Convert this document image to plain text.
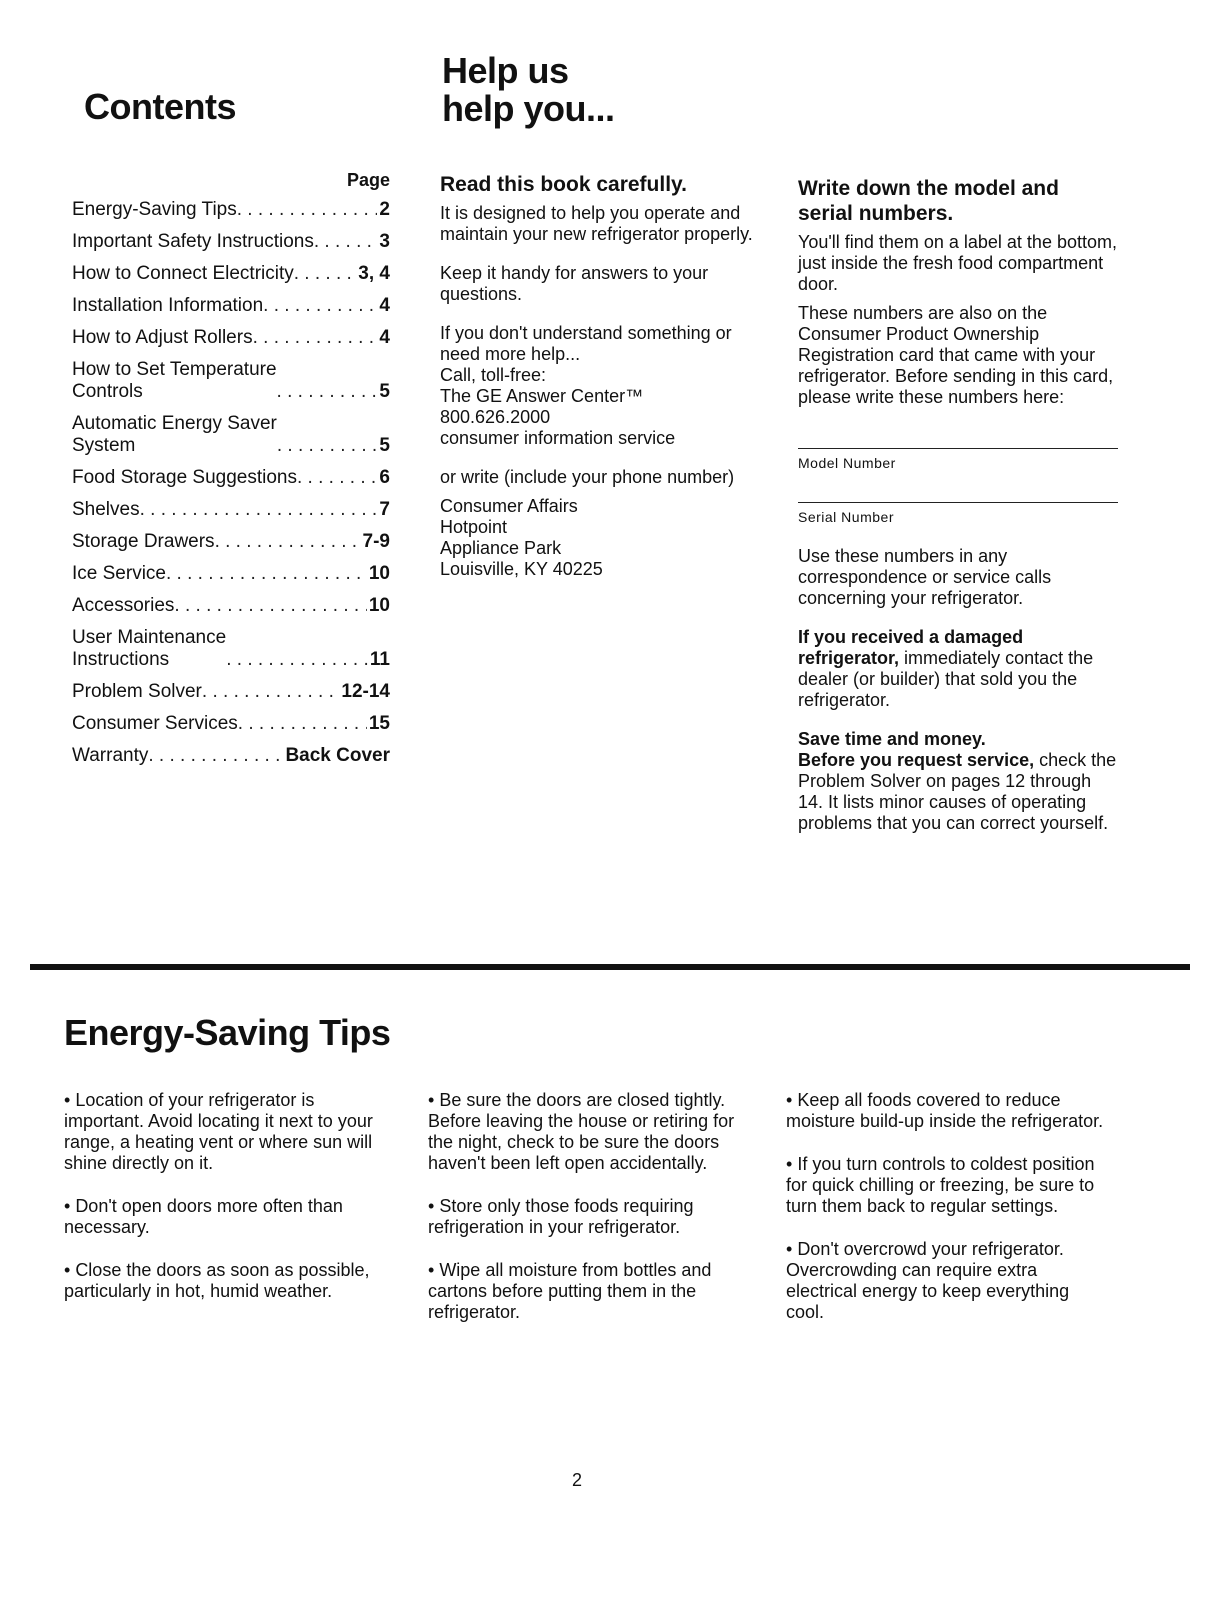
Contents
Help us
help you...
Page
Energy-Saving Tips . . .	2
Important Safety Instructions . . .	3
How to Connect Electricity . . .	3, 4
Installation Information . . .	4
How to Adjust Rollers . . .	4
How to Set Temperature
Controls . . .	5
Automatic Energy Saver
System . . .	5
Food Storage Suggestions . . .	6
Shelves . . .	7
Storage Drawers . . .	7-9
Ice Service . . .	10
Accessories . . .	10
User Maintenance
Instructions . . .	11
Problem Solver . . .	12-14
Consumer Services . . .	15
Warranty . . .	Back Cover
Read this book carefully.

It is designed to help you operate and maintain your new refrigerator properly.

Keep it handy for answers to your questions.

If you don't understand something or need more help...

Call, toll-free:

The GE Answer Center™

800.626.2000

consumer information service

or write (include your phone number)

Consumer Affairs

Hotpoint

Appliance Park

Louisville, KY 40225

Write down the model and serial numbers.

You'll find them on a label at the bottom, just inside the fresh food compartment door.

These numbers are also on the Consumer Product Ownership Registration card that came with your refrigerator. Before sending in this card, please write these numbers here:

Model Number
Serial Number

Use these numbers in any correspondence or service calls concerning your refrigerator.

If you received a damaged refrigerator, immediately contact the dealer (or builder) that sold you the refrigerator.

Save time and money.

Before you request service, check the Problem Solver on pages 12 through 14. It lists minor causes of operating problems that you can correct yourself.

Energy-Saving Tips

• Location of your refrigerator is important. Avoid locating it next to your range, a heating vent or where sun will shine directly on it.

• Don't open doors more often than necessary.

• Close the doors as soon as possible, particularly in hot, humid weather.

• Be sure the doors are closed tightly. Before leaving the house or retiring for the night, check to be sure the doors haven't been left open accidentally.

• Store only those foods requiring refrigeration in your refrigerator.

• Wipe all moisture from bottles and cartons before putting them in the refrigerator.

• Keep all foods covered to reduce moisture build-up inside the refrigerator.

• If you turn controls to coldest position for quick chilling or freezing, be sure to turn them back to regular settings.

• Don't overcrowd your refrigerator. Overcrowding can require extra electrical energy to keep everything cool.

2
